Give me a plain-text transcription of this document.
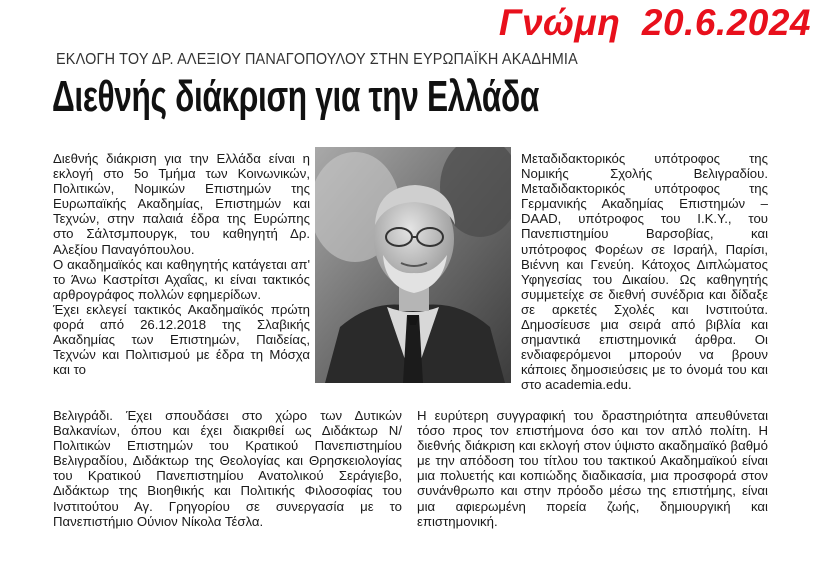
Γνώμη  20.6.2024
ΕΚΛΟΓΗ ΤΟΥ ΔΡ. ΑΛΕΞΙΟΥ ΠΑΝΑΓΟΠΟΥΛΟΥ ΣΤΗΝ ΕΥΡΩΠΑΪΚΗ ΑΚΑΔΗΜΙΑ
Διεθνής διάκριση για την Ελλάδα

Διεθνής διάκριση για την Ελλάδα είναι η εκλογή στο 5ο Τμήμα των Κοινωνικών, Πολιτικών, Νομικών Επιστημών της Ευρωπαϊκής Ακαδημίας, Επιστημών και Τεχνών, στην παλαιά έδρα της Ευρώπης στο Σάλτσμπουργκ, του καθηγητή Δρ. Αλεξίου Παναγόπουλου.

Ο ακαδημαϊκός και καθηγητής κατάγεται απ' το Άνω Καστρίτσι Αχαΐας, κι είναι τακτικός αρθρογράφος πολλών εφημερίδων.

Έχει εκλεγεί τακτικός Ακαδημαϊκός πρώτη φορά από 26.12.2018 της Σλαβικής Ακαδημίας των Επιστημών, Παιδείας, Τεχνών και Πολιτισμού με έδρα τη Μόσχα και το

Μεταδιδακτορικός υπότροφος της Νομικής Σχολής Βελιγραδίου. Μεταδιδακτορικός υπότροφος της Γερμανικής Ακαδημίας Επιστημών – DAAD, υπότροφος του Ι.Κ.Υ., του Πανεπιστημίου Βαρσοβίας, και υπότροφος Φορέων σε Ισραήλ, Παρίσι, Βιέννη και Γενεύη. Κάτοχος Διπλώματος Υφηγεσίας του Δικαίου. Ως καθηγητής συμμετείχε σε διεθνή συνέδρια και δίδαξε σε αρκετές Σχολές και Ινστιτούτα. Δημοσίευσε μια σειρά από βιβλία και σημαντικά επιστημονικά άρθρα. Οι ενδιαφερόμενοι μπορούν να βρουν κάποιες δημοσιεύσεις με το όνομά του και στο academia.edu.

Βελιγράδι. Έχει σπουδάσει στο χώρο των Δυτικών Βαλκανίων, όπου και έχει διακριθεί ως Διδάκτωρ Ν/Πολιτικών Επιστημών του Κρατικού Πανεπιστημίου Βελιγραδίου, Διδάκτωρ της Θεολογίας και Θρησκειολογίας του Κρατικού Πανεπιστημίου Ανατολικού Σεράγιεβο, Διδάκτωρ της Βιοηθικής και Πολιτικής Φιλοσοφίας του Ινστιτούτου Αγ. Γρηγορίου σε συνεργασία με το Πανεπιστήμιο Ούνιον Νίκολα Τέσλα.

Η ευρύτερη συγγραφική του δραστηριότητα απευθύνεται τόσο προς τον επιστήμονα όσο και τον απλό πολίτη. Η διεθνής διάκριση και εκλογή στον ύψιστο ακαδημαϊκό βαθμό με την απόδοση του τίτλου του τακτικού Ακαδημαϊκού είναι μια πολυετής και κοπιώδης διαδικασία, μια προσφορά στον συνάνθρωπο και στην πρόοδο μέσω της επιστήμης, είναι μια αφιερωμένη πορεία ζωής, δημιουργική και επιστημονική.
